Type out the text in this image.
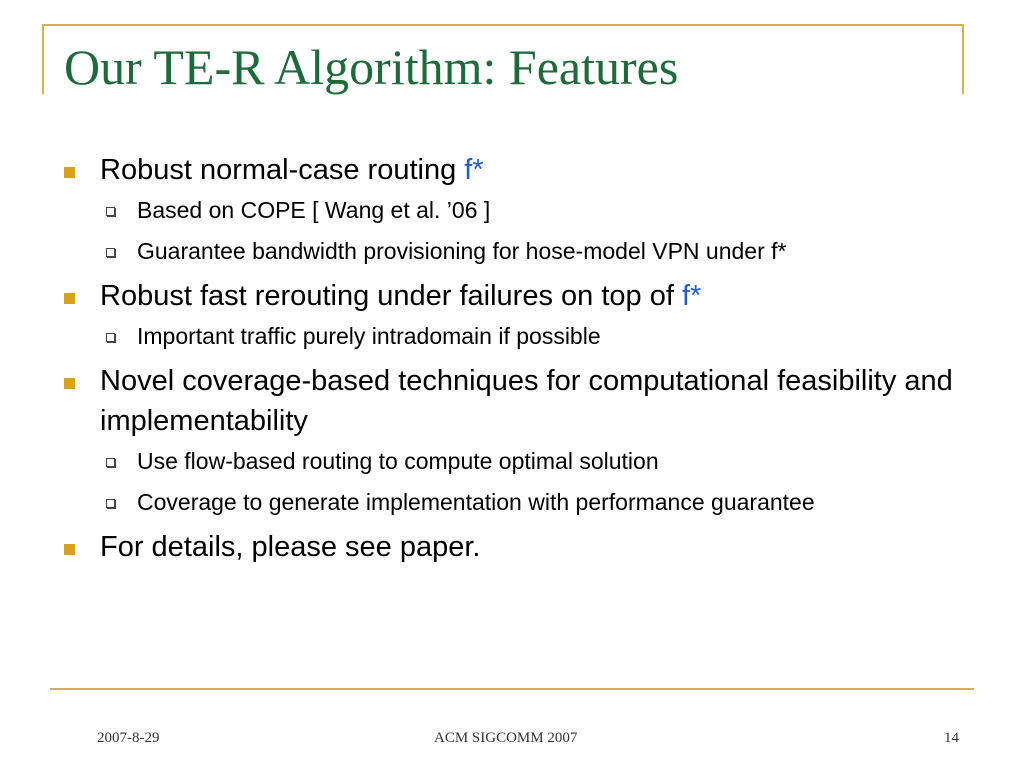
Our TE-R Algorithm: Features
Robust normal-case routing f*
Based on COPE [ Wang et al. ’06 ]
Guarantee bandwidth provisioning for hose-model VPN under f*
Robust fast rerouting under failures on top of f*
Important traffic purely intradomain if possible
Novel coverage-based techniques for computational feasibility and implementability
Use flow-based routing to compute optimal solution
Coverage to generate implementation with performance guarantee
For details, please see paper.
2007-8-29	ACM SIGCOMM 2007	14
